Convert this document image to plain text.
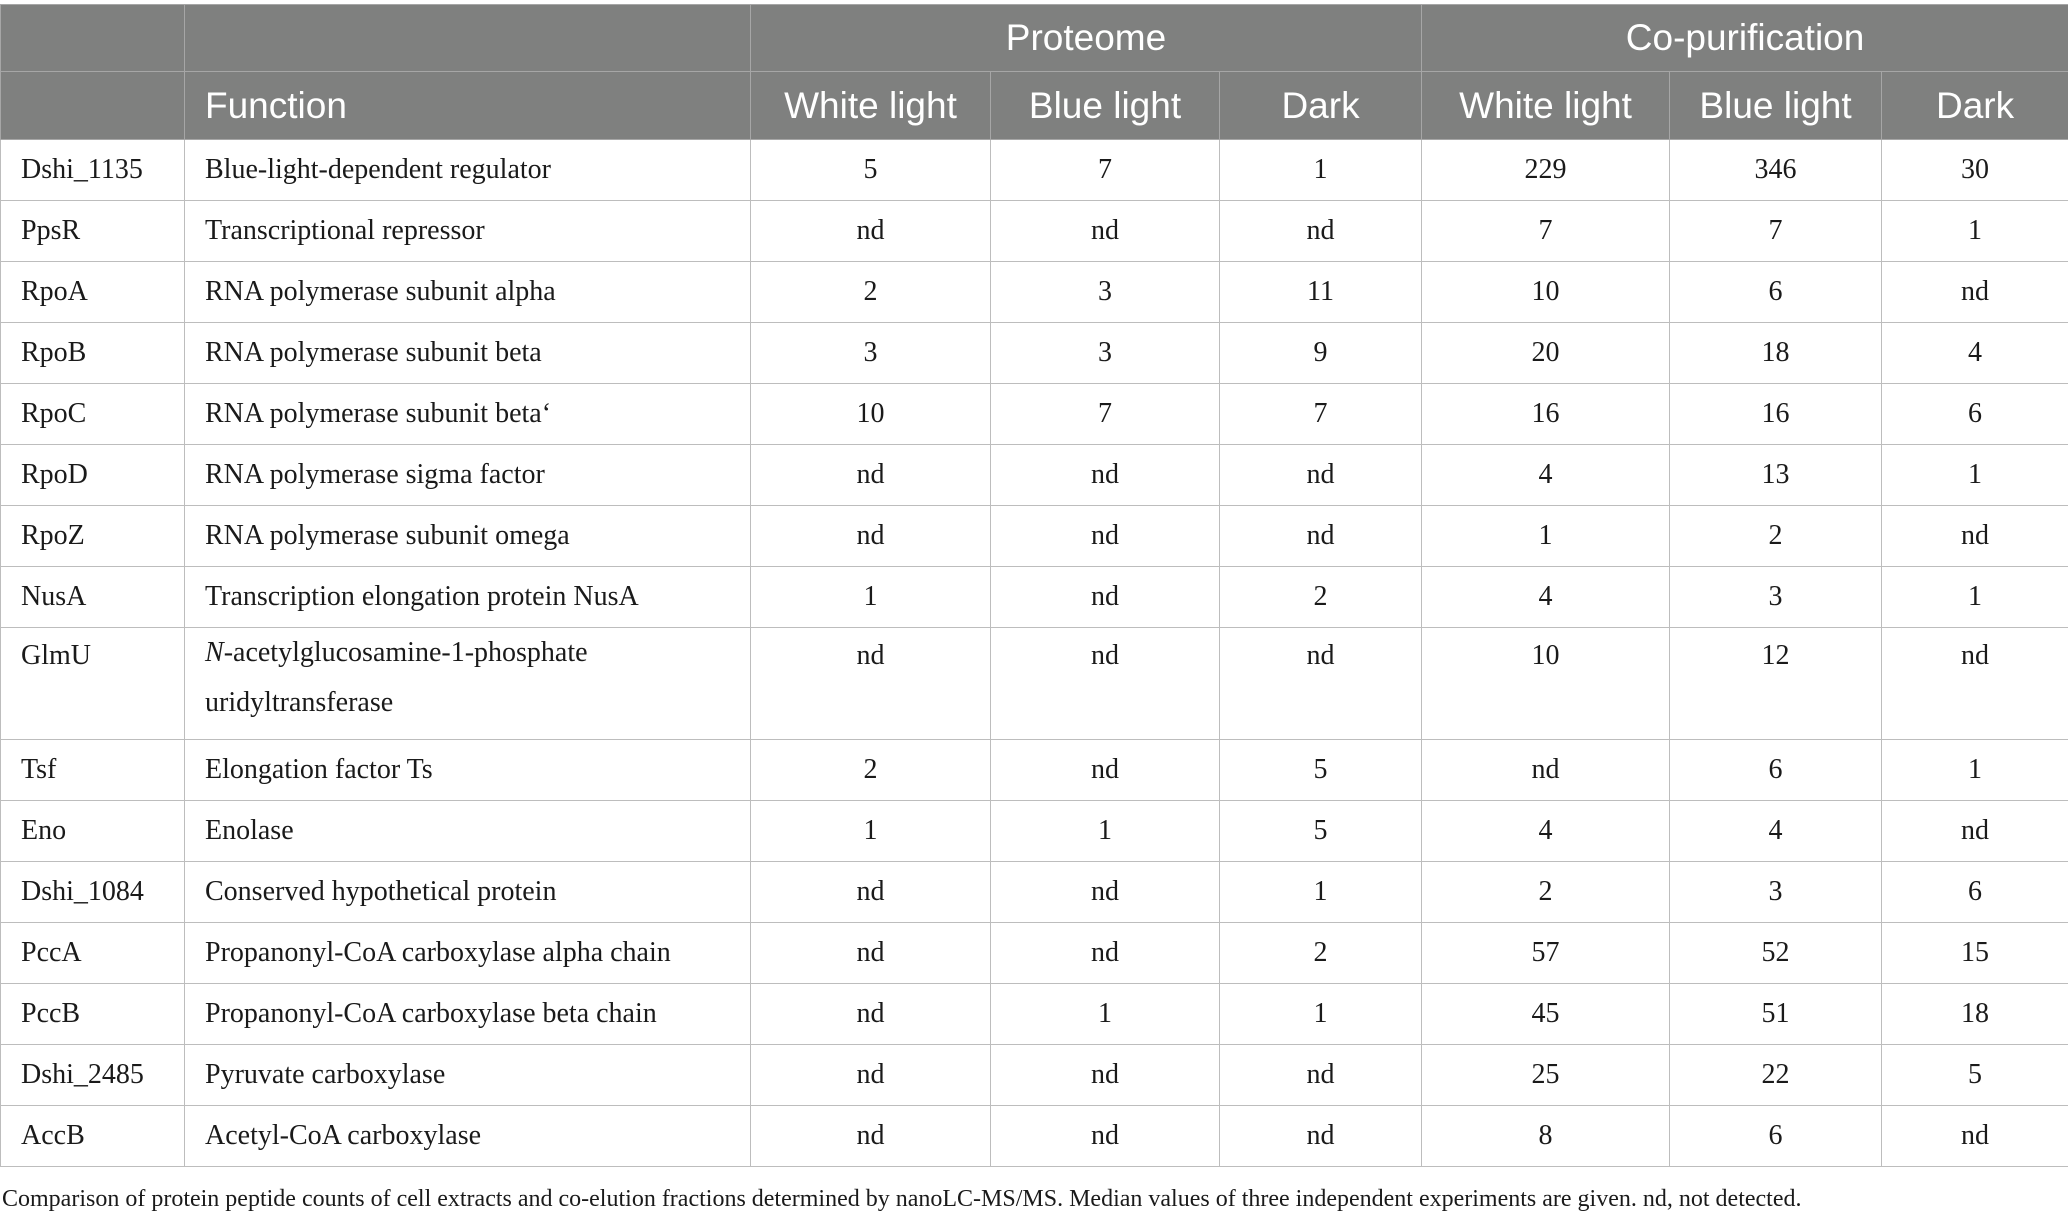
		Proteome			Co-purification		
	Function	White light	Blue light	Dark	White light	Blue light	Dark
Dshi_1135	Blue-light-dependent regulator	5	7	1	229	346	30
PpsR	Transcriptional repressor	nd	nd	nd	7	7	1
RpoA	RNA polymerase subunit alpha	2	3	11	10	6	nd
RpoB	RNA polymerase subunit beta	3	3	9	20	18	4
RpoC	RNA polymerase subunit beta‘	10	7	7	16	16	6
RpoD	RNA polymerase sigma factor	nd	nd	nd	4	13	1
RpoZ	RNA polymerase subunit omega	nd	nd	nd	1	2	nd
NusA	Transcription elongation protein NusA	1	nd	2	4	3	1
GlmU	N-acetylglucosamine-1-phosphate uridyltransferase	nd	nd	nd	10	12	nd
Tsf	Elongation factor Ts	2	nd	5	nd	6	1
Eno	Enolase	1	1	5	4	4	nd
Dshi_1084	Conserved hypothetical protein	nd	nd	1	2	3	6
PccA	Propanonyl-CoA carboxylase alpha chain	nd	nd	2	57	52	15
PccB	Propanonyl-CoA carboxylase beta chain	nd	1	1	45	51	18
Dshi_2485	Pyruvate carboxylase	nd	nd	nd	25	22	5
AccB	Acetyl-CoA carboxylase	nd	nd	nd	8	6	nd
Comparison of protein peptide counts of cell extracts and co-elution fractions determined by nanoLC-MS/MS. Median values of three independent experiments are given. nd, not detected.
